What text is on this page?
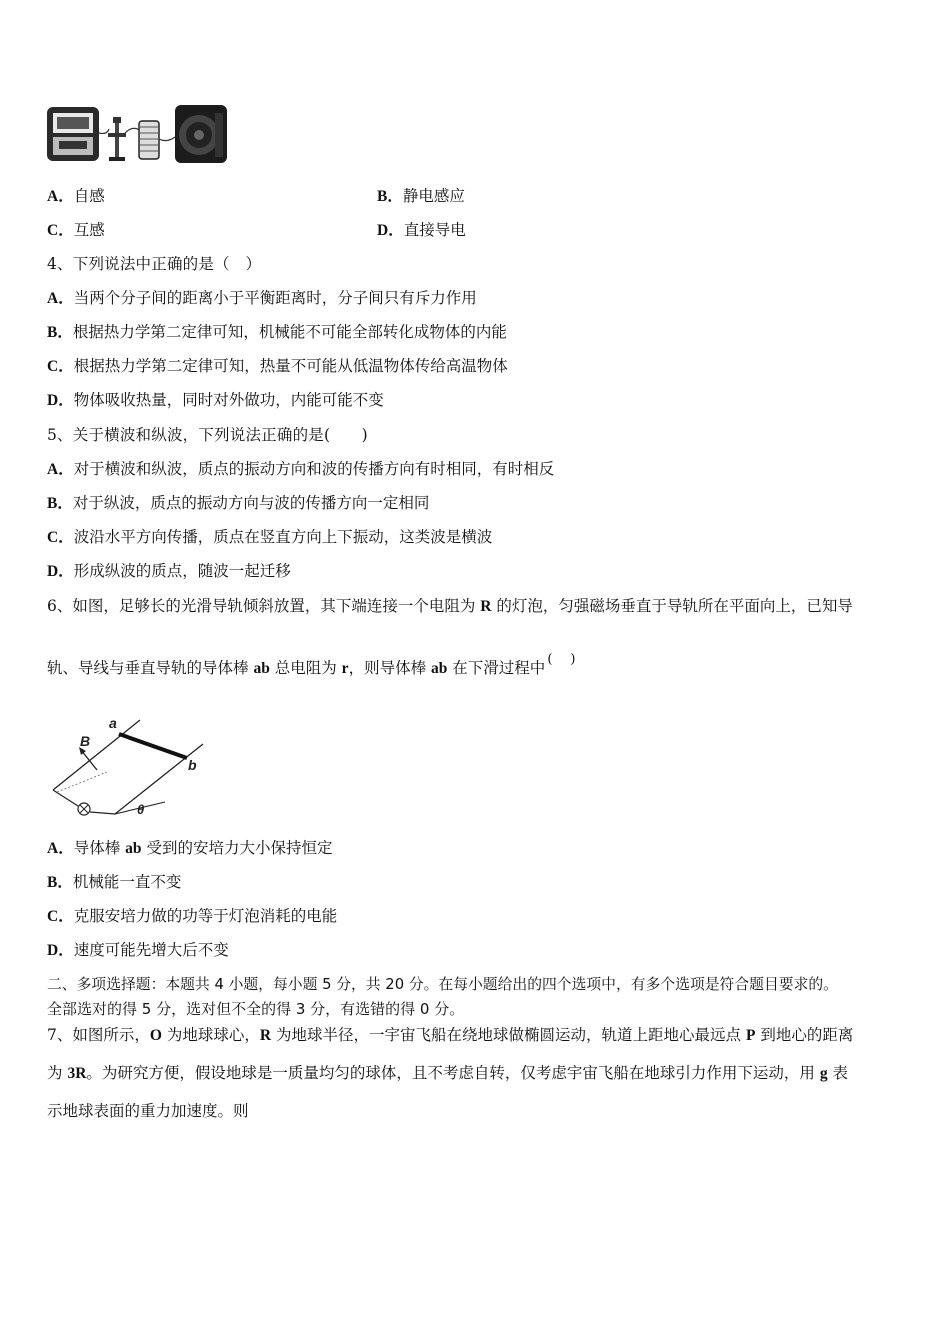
A．自感	B．静电感应
C．互感	D．直接导电
4、下列说法中正确的是（　）
A．当两个分子间的距离小于平衡距离时，分子间只有斥力作用
B．根据热力学第二定律可知，机械能不可能全部转化成物体的内能
C．根据热力学第二定律可知，热量不可能从低温物体传给高温物体
D．物体吸收热量，同时对外做功，内能可能不变
5、关于横波和纵波，下列说法正确的是(　　)
A．对于横波和纵波，质点的振动方向和波的传播方向有时相同，有时相反
B．对于纵波，质点的振动方向与波的传播方向一定相同
C．波沿水平方向传播，质点在竖直方向上下振动，这类波是横波
D．形成纵波的质点，随波一起迁移
6、如图，足够长的光滑导轨倾斜放置，其下端连接一个电阻为 R 的灯泡，匀强磁场垂直于导轨所在平面向上，已知导
轨、导线与垂直导轨的导体棒 ab 总电阻为 r，则导体棒 ab 在下滑过程中 ()
B
a
b
θ
A．导体棒 ab 受到的安培力大小保持恒定
B．机械能一直不变
C．克服安培力做的功等于灯泡消耗的电能
D．速度可能先增大后不变
二、多项选择题：本题共 4 小题，每小题 5 分，共 20 分。在每小题给出的四个选项中，有多个选项是符合题目要求的。
全部选对的得 5 分，选对但不全的得 3 分，有选错的得 0 分。
7、如图所示，O 为地球球心，R 为地球半径，一宇宙飞船在绕地球做椭圆运动，轨道上距地心最远点 P 到地心的距离
为 3R。为研究方便，假设地球是一质量均匀的球体，且不考虑自转，仅考虑宇宙飞船在地球引力作用下运动，用 g 表
示地球表面的重力加速度。则
